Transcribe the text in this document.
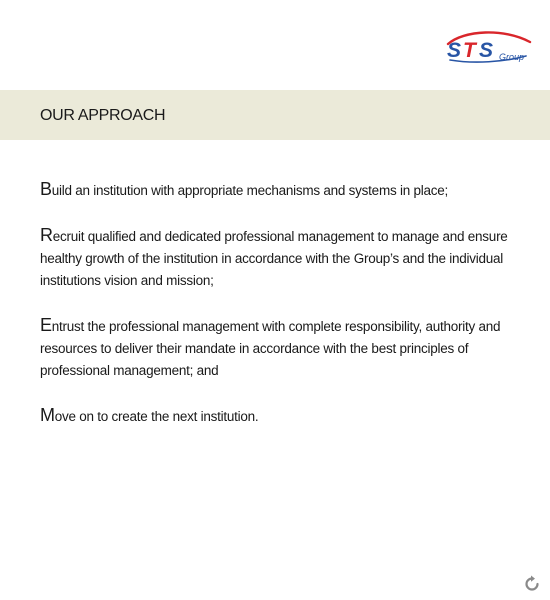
S T S Group
OUR APPROACH

Build an institution with appropriate mechanisms and systems in place;

Recruit qualified and dedicated professional management to manage and ensure healthy growth of the institution in accordance with the Group’s and the individual institutions vision and mission;

Entrust the professional management with complete responsibility, authority and resources to deliver their mandate in accordance with the best principles of professional management; and

Move on to create the next institution.
